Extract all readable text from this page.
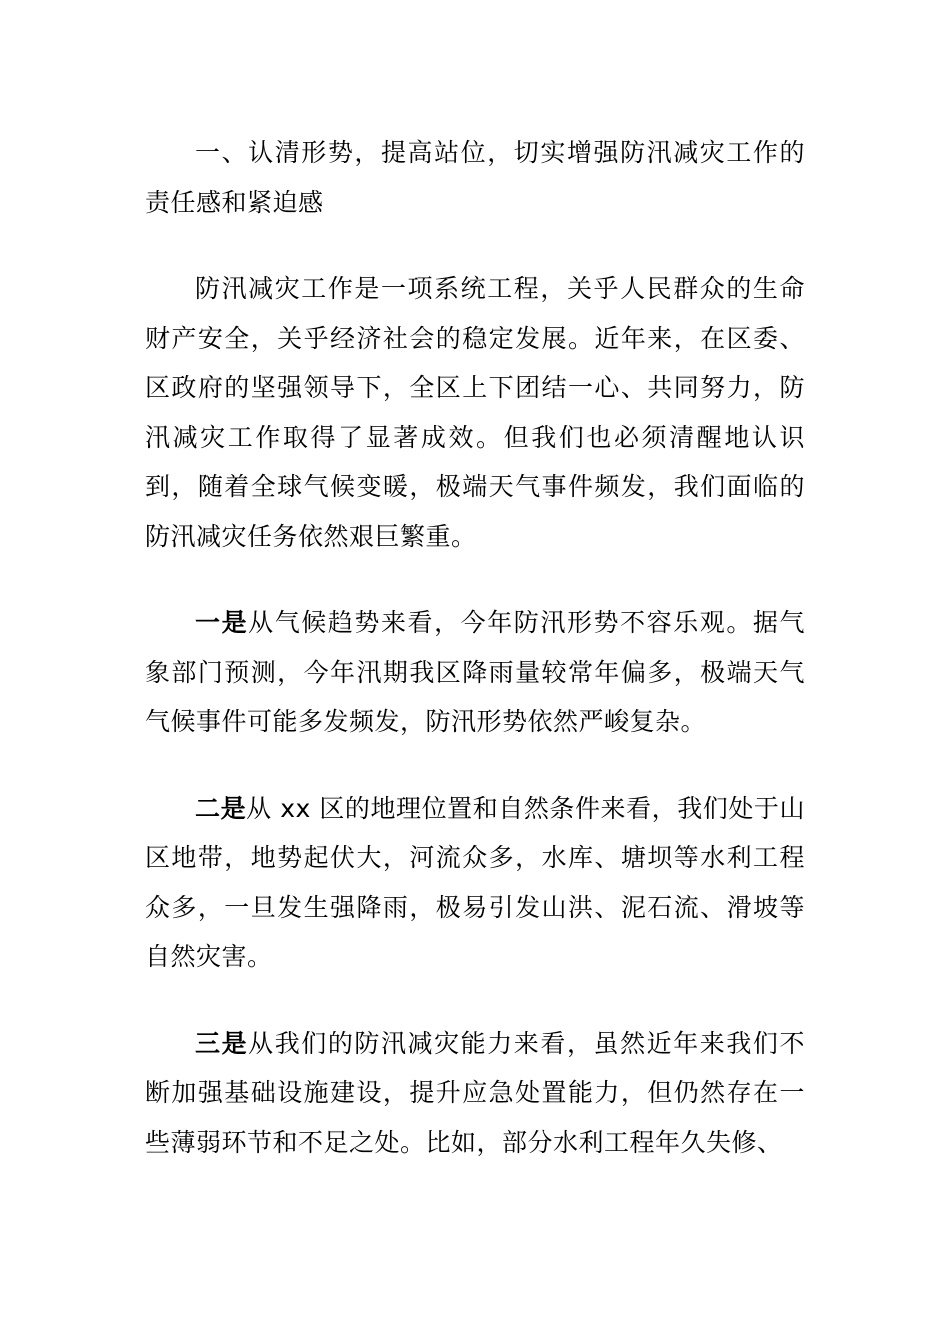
一、认清形势，提高站位，切实增强防汛减灾工作的责任感和紧迫感

防汛减灾工作是一项系统工程，关乎人民群众的生命财产安全，关乎经济社会的稳定发展。近年来，在区委、区政府的坚强领导下，全区上下团结一心、共同努力，防汛减灾工作取得了显著成效。但我们也必须清醒地认识到，随着全球气候变暖，极端天气事件频发，我们面临的防汛减灾任务依然艰巨繁重。

一是从气候趋势来看，今年防汛形势不容乐观。据气象部门预测，今年汛期我区降雨量较常年偏多，极端天气气候事件可能多发频发，防汛形势依然严峻复杂。

二是从 xx 区的地理位置和自然条件来看，我们处于山区地带，地势起伏大，河流众多，水库、塘坝等水利工程众多，一旦发生强降雨，极易引发山洪、泥石流、滑坡等自然灾害。

三是从我们的防汛减灾能力来看，虽然近年来我们不断加强基础设施建设，提升应急处置能力，但仍然存在一些薄弱环节和不足之处。比如，部分水利工程年久失修、
